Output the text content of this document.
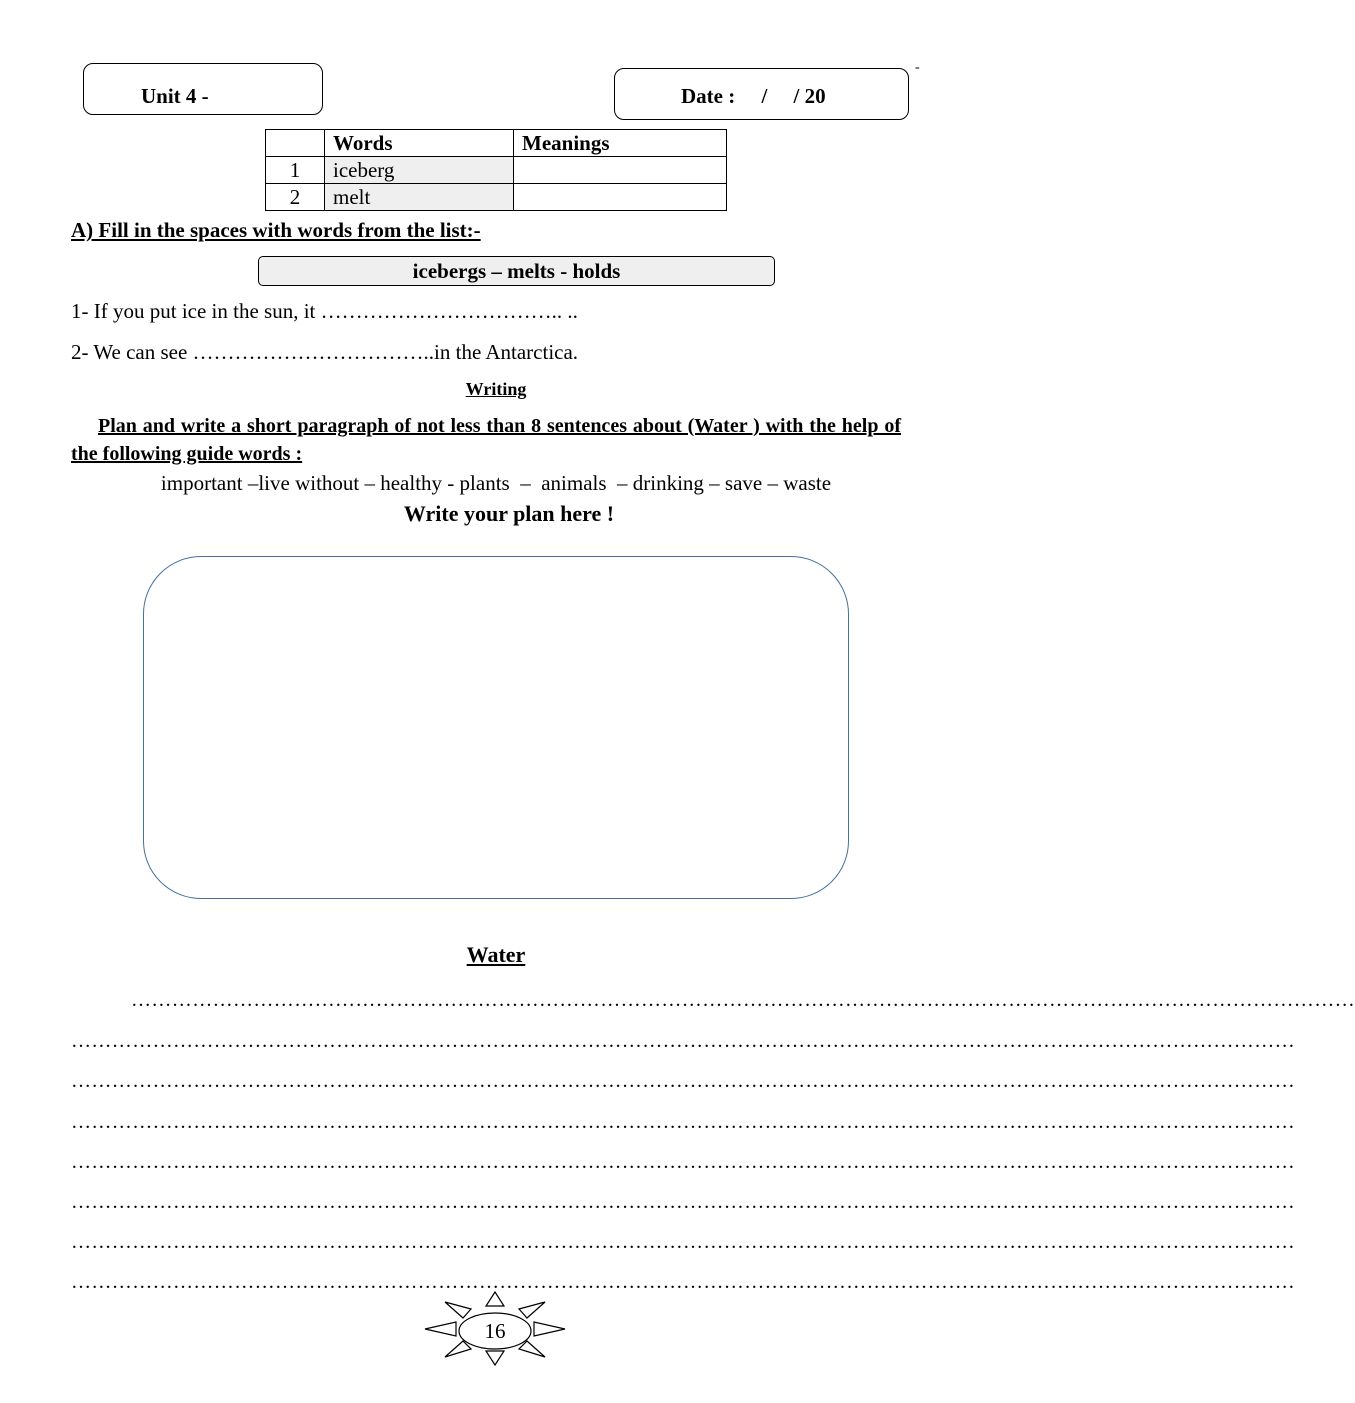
Unit 4 -	Date :     /     / 20
-
	Words	Meanings
1	iceberg	
2	melt	
A) Fill in the spaces with words from the list:-
icebergs – melts - holds
1- If you put ice in the sun, it …………………………….. ..
2- We can see ……………………………..in the Antarctica.
Writing
Plan and write a short paragraph of not less than 8 sentences about (Water ) with the help of the following guide words :
important –live without – healthy - plants  –  animals  – drinking – save – waste
Write your plan here !
Water
………………………………………………………………………………………………………………………………………………………………
………………………………………………………………………………………………………………………………………………………………
………………………………………………………………………………………………………………………………………………………………
………………………………………………………………………………………………………………………………………………………………
………………………………………………………………………………………………………………………………………………………………
………………………………………………………………………………………………………………………………………………………………
………………………………………………………………………………………………………………………………………………………………
………………………………………………………………………………………………………………………………………………………………
16
